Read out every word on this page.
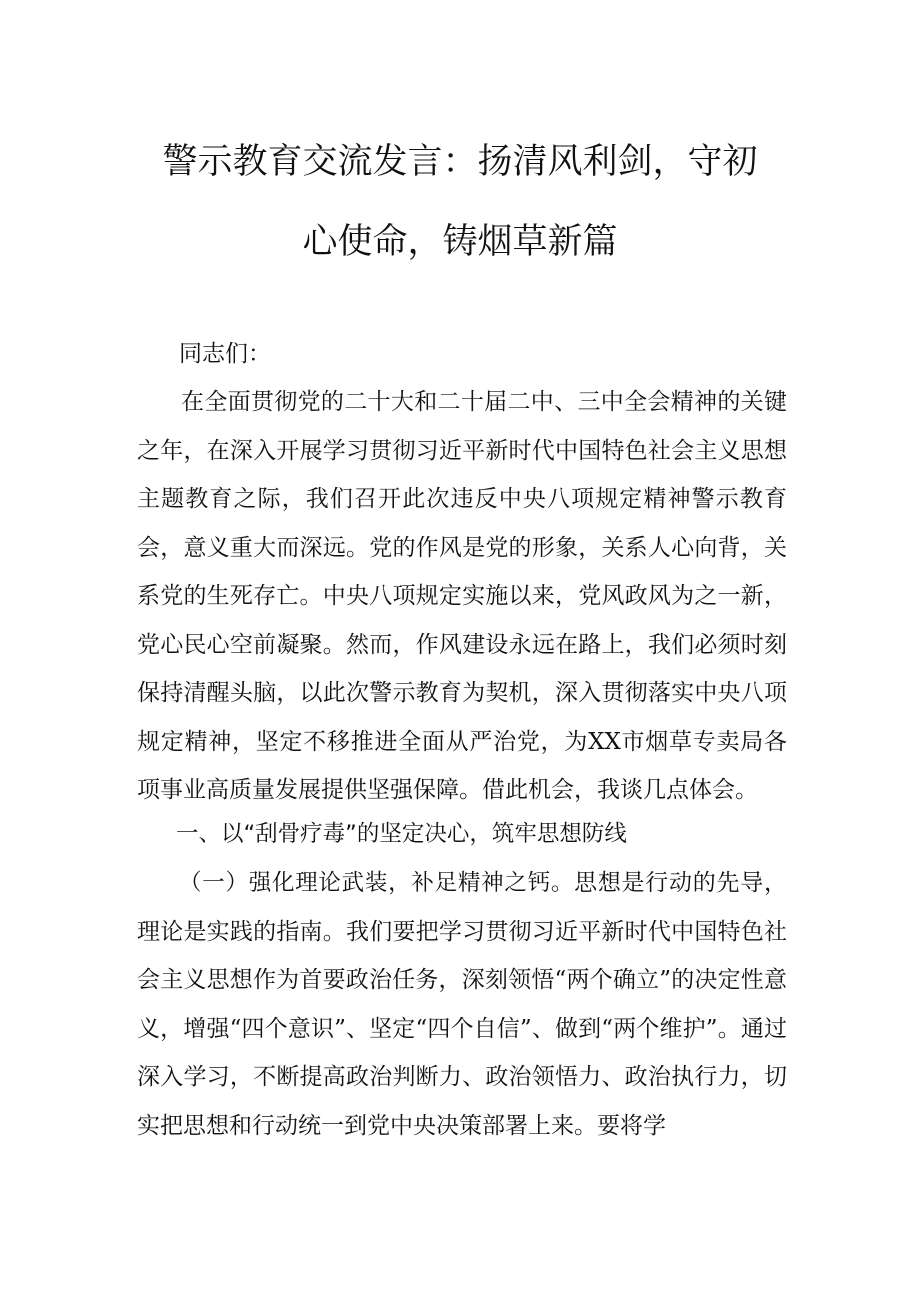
警示教育交流发言：扬清风利剑，守初
心使命，铸烟草新篇

同志们：

在全面贯彻党的二十大和二十届二中、三中全会精神的关键之年，在深入开展学习贯彻习近平新时代中国特色社会主义思想主题教育之际，我们召开此次违反中央八项规定精神警示教育会，意义重大而深远。党的作风是党的形象，关系人心向背，关系党的生死存亡。中央八项规定实施以来，党风政风为之一新，党心民心空前凝聚。然而，作风建设永远在路上，我们必须时刻保持清醒头脑，以此次警示教育为契机，深入贯彻落实中央八项规定精神，坚定不移推进全面从严治党，为XX市烟草专卖局各项事业高质量发展提供坚强保障。借此机会，我谈几点体会。

一、以“刮骨疗毒”的坚定决心，筑牢思想防线

（一）强化理论武装，补足精神之钙。思想是行动的先导，理论是实践的指南。我们要把学习贯彻习近平新时代中国特色社会主义思想作为首要政治任务，深刻领悟“两个确立”的决定性意义，增强“四个意识”、坚定“四个自信”、做到“两个维护”。通过深入学习，不断提高政治判断力、政治领悟力、政治执行力，切实把思想和行动统一到党中央决策部署上来。要将学
